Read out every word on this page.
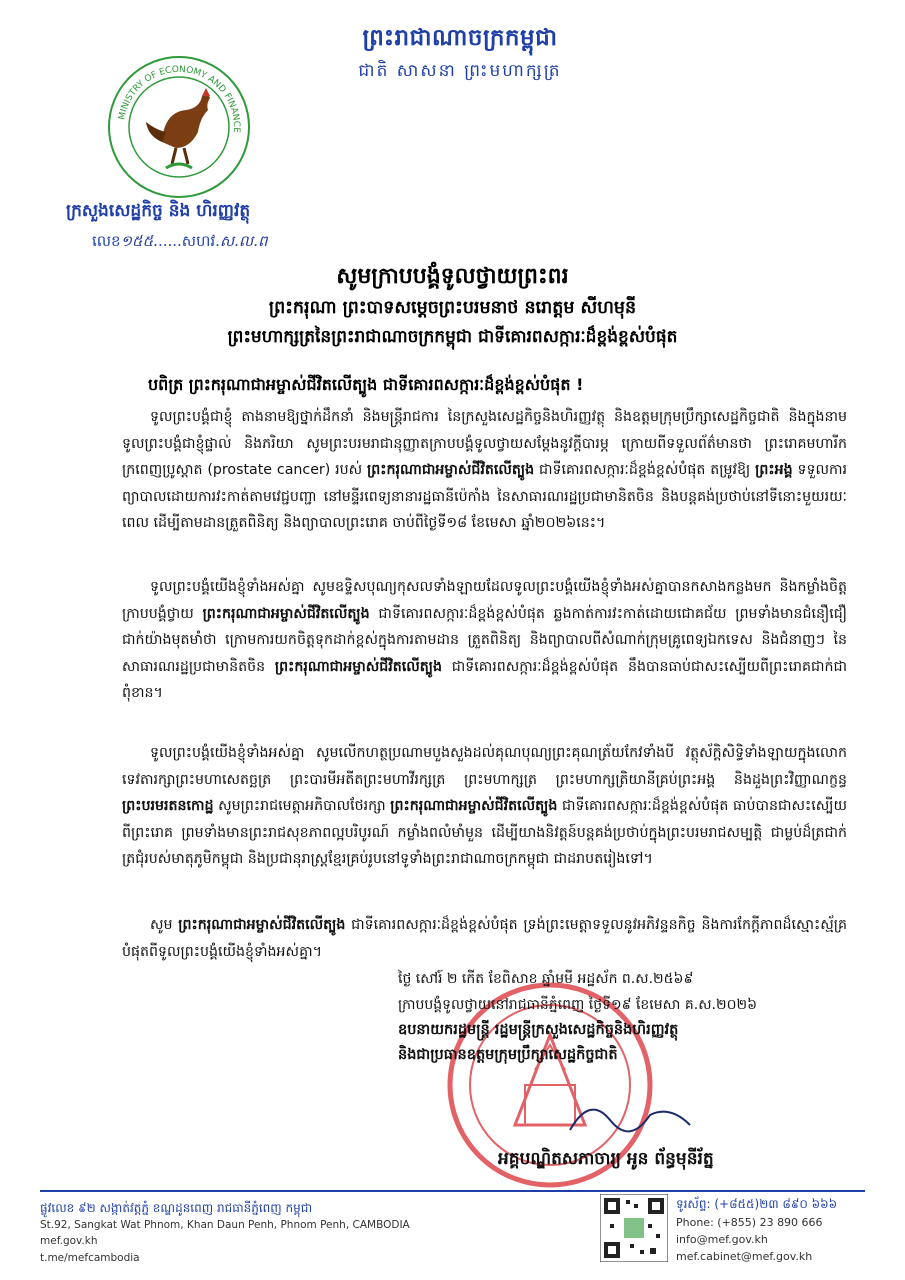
ព្រះរាជាណាចក្រកម្ពុជា
ជាតិ សាសនា ព្រះមហាក្សត្រ
MINISTRY OF ECONOMY AND FINANCE
ក្រសួងសេដ្ឋកិច្ច និង ហិរញ្ញវត្ថុ
លេខ១៥៥......សហវ.ស.ល.ព
សូមក្រាបបង្គំទូលថ្វាយព្រះពរ
ព្រះករុណា ព្រះបាទសម្តេចព្រះបរមនាថ នរោត្តម សីហមុនី
ព្រះមហាក្សត្រនៃព្រះរាជាណាចក្រកម្ពុជា ជាទីគោរពសក្ការៈដ៏ខ្ពង់ខ្ពស់បំផុត
បពិត្រ ព្រះករុណាជាអម្ចាស់ជីវិតលើត្បូង ជាទីគោរពសក្ការៈដ៏ខ្ពង់ខ្ពស់បំផុត !
ទូលព្រះបង្គំជាខ្ញុំ តាងនាមឱ្យថ្នាក់ដឹកនាំ និងមន្ត្រីរាជការ នៃក្រសួងសេដ្ឋកិច្ចនិងហិរញ្ញវត្ថុ និងឧត្តមក្រុមប្រឹក្សាសេដ្ឋកិច្ចជាតិ និងក្នុងនាមទូលព្រះបង្គំជាខ្ញុំផ្ទាល់ និងភរិយា សូមព្រះបរមរាជានុញ្ញាតក្រាបបង្គំទូលថ្វាយសម្តែងនូវក្តីបារម្ភ ក្រោយពីទទួលព័ត៌មានថា ព្រះរោគមហារីកក្រពេញប្រូស្តាត (prostate cancer) របស់ ព្រះករុណាជាអម្ចាស់ជីវិតលើត្បូង ជាទីគោរពសក្ការៈដ៏ខ្ពង់ខ្ពស់បំផុត តម្រូវឱ្យ ព្រះអង្គ ទទួលការព្យាបាលដោយការវះកាត់តាមវេជ្ជបញ្ជា នៅមន្ទីរពេទ្យនានារដ្ឋធានីប៉េកាំង នៃសាធារណរដ្ឋប្រជាមានិតចិន និងបន្តគង់ប្រថាប់នៅទីនោះមួយរយៈពេល ដើម្បីតាមដានត្រួតពិនិត្យ និងព្យាបាលព្រះរោគ ចាប់ពីថ្ងៃទី១៨ ខែមេសា ឆ្នាំ២០២៦នេះ។
ទូលព្រះបង្គំយើងខ្ញុំទាំងអស់គ្នា សូមឧទ្ទិសបុណ្យកុសលទាំងឡាយដែលទូលព្រះបង្គំយើងខ្ញុំទាំងអស់គ្នាបានកសាងកន្លងមក និងកម្លាំងចិត្ត ក្រាបបង្គំថ្វាយ ព្រះករុណាជាអម្ចាស់ជីវិតលើត្បូង ជាទីគោរពសក្ការៈដ៏ខ្ពង់ខ្ពស់បំផុត ឆ្លងកាត់ការវះកាត់ដោយជោគជ័យ ព្រមទាំងមានជំនឿជឿជាក់យ៉ាងមុតមាំថា ក្រោមការយកចិត្តទុកដាក់ខ្ពស់ក្នុងការតាមដាន ត្រួតពិនិត្យ និងព្យាបាលពីសំណាក់ក្រុមគ្រូពេទ្យឯកទេស និងជំនាញៗ នៃសាធារណរដ្ឋប្រជាមានិតចិន ព្រះករុណាជាអម្ចាស់ជីវិតលើត្បូង ជាទីគោរពសក្ការៈដ៏ខ្ពង់ខ្ពស់បំផុត នឹងបានធាប់ជាសះស្បើយពីព្រះរោគជាក់ជាពុំខាន។
ទូលព្រះបង្គំយើងខ្ញុំទាំងអស់គ្នា សូមលើកហត្ថប្រណាមបួងសួងដល់គុណបុណ្យព្រះគុណត្រ័យកែវទាំងបី វត្ថុស័ក្តិសិទ្ធិទាំងឡាយក្នុងលោក ទេវតារក្សាព្រះមហាសេតច្ឆត្រ ព្រះបារមីអតីតព្រះមហាវីរក្សត្រ ព្រះមហាក្សត្រ ព្រះមហាក្សត្រិយានីគ្រប់ព្រះអង្គ និងដួងព្រះវិញ្ញាណក្ខន្ធ ព្រះបរមរតនកោដ្ឋ សូមព្រះរាជមេត្តាអភិបាលថែរក្សា ព្រះករុណាជាអម្ចាស់ជីវិតលើត្បូង ជាទីគោរពសក្ការៈដ៏ខ្ពង់ខ្ពស់បំផុត ធាប់បានជាសះស្បើយពីព្រះរោគ ព្រមទាំងមានព្រះរាជសុខភាពល្អបរិបូរណ៍ កម្លាំងពលំមាំមួន ដើម្បីយាងនិវត្តន៍បន្តគង់ប្រថាប់ក្នុងព្រះបរមរាជសម្បត្តិ ជាម្លប់ដ៏ត្រជាក់ត្រជុំរបស់មាតុភូមិកម្ពុជា និងប្រជានុរាស្ត្រខ្មែរគ្រប់រូបនៅទូទាំងព្រះរាជាណាចក្រកម្ពុជា ជាដរាបតរៀងទៅ។
សូម ព្រះករុណាជាអម្ចាស់ជីវិតលើត្បូង ជាទីគោរពសក្ការៈដ៏ខ្ពង់ខ្ពស់បំផុត ទ្រង់ព្រះមេត្តាទទួលនូវអភិវន្ទនកិច្ច និងការកែក្តីភាពដ៏ស្មោះស្ម័គ្របំផុតពីទូលព្រះបង្គំយើងខ្ញុំទាំងអស់គ្នា។
ថ្ងៃ សៅរ៍ ២ កើត ខែពិសាខ ឆ្នាំមមី អដ្ឋស័ក ព.ស.២៥៦៩
ក្រាបបង្គំទូលថ្វាយនៅរាជធានីភ្នំពេញ ថ្ងៃទី១៩ ខែមេសា គ.ស.២០២៦
ឧបនាយករដ្ឋមន្ត្រី រដ្ឋមន្ត្រីក្រសួងសេដ្ឋកិច្ចនិងហិរញ្ញវត្ថុ
និងជាប្រធានឧត្តមក្រុមប្រឹក្សាសេដ្ឋកិច្ចជាតិ
អគ្គបណ្ឌិតសភាចារ្យ អូន ព័ន្ធមុនីរ័ត្ន
ផ្លូវលេខ ៩២ សង្កាត់វត្តភ្នំ ខណ្ឌដូនពេញ រាជធានីភ្នំពេញ កម្ពុជា
St.92, Sangkat Wat Phnom, Khan Daun Penh, Phnom Penh, CAMBODIA
mef.gov.kh
t.me/mefcambodia
ទូរស័ព្ទ: (+៨៥៥)២៣ ៨៩០ ៦៦៦
Phone: (+855) 23 890 666
info@mef.gov.kh
mef.cabinet@mef.gov.kh
